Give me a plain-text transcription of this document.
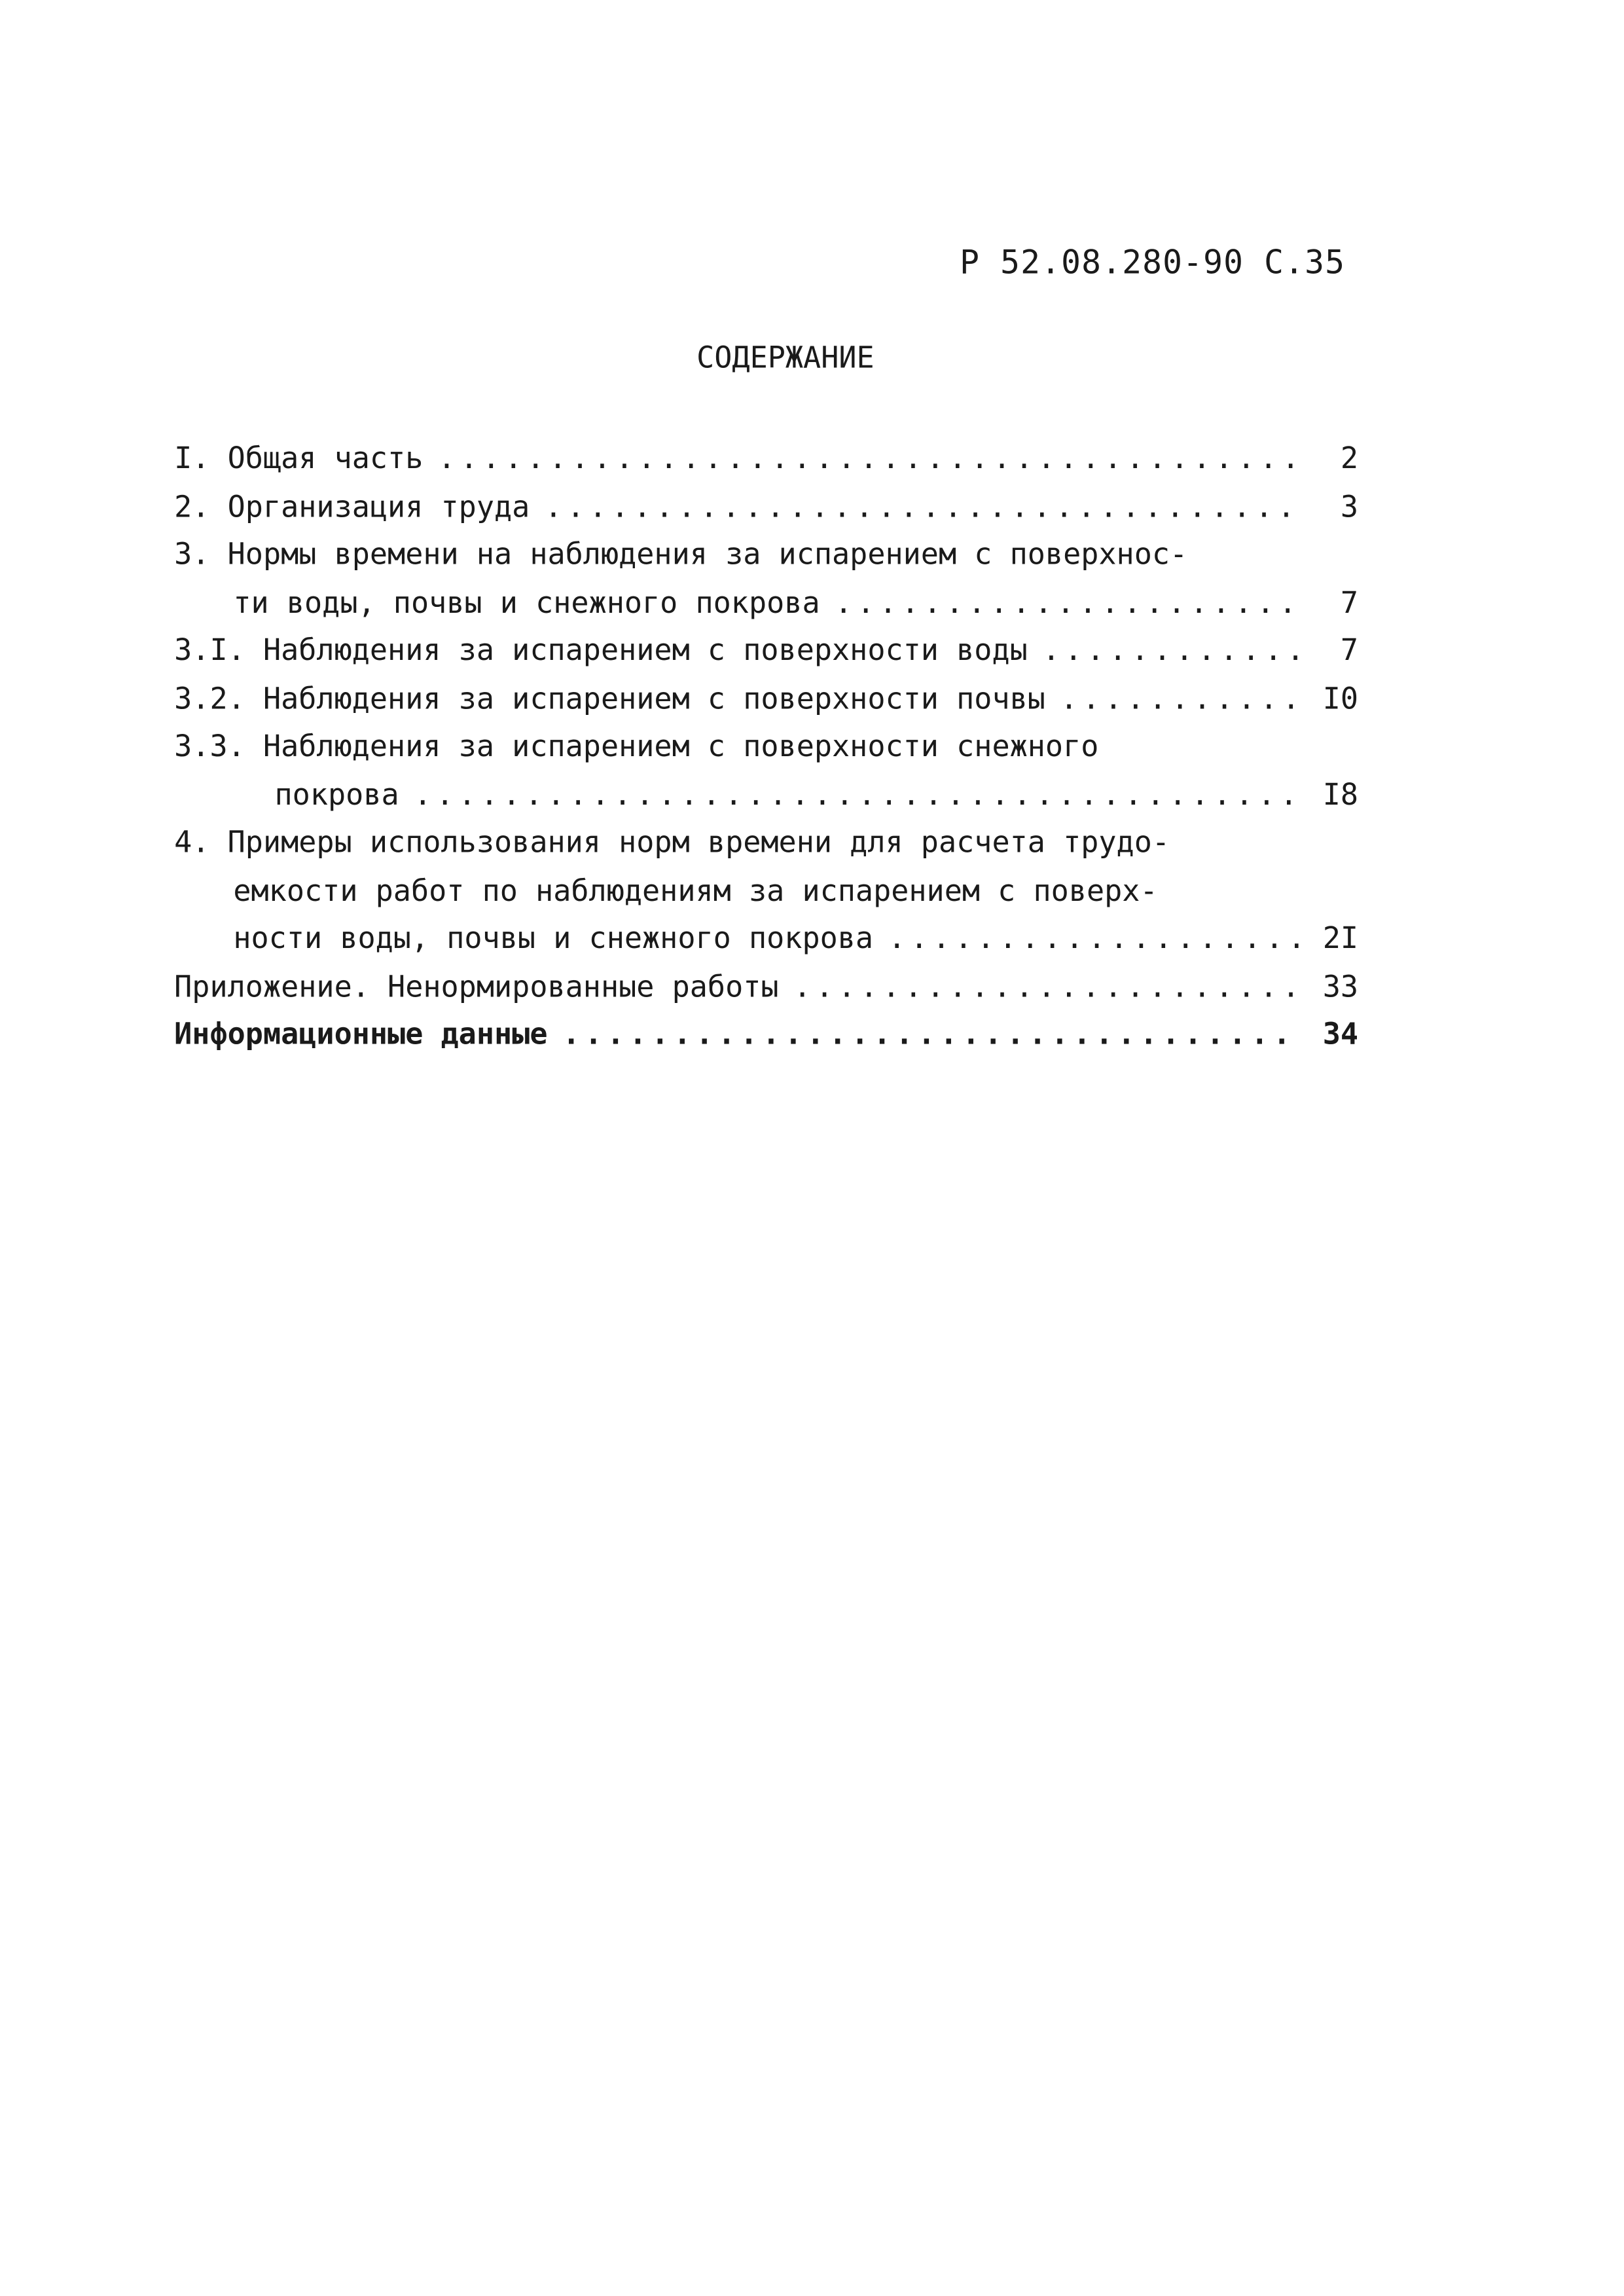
Р 52.08.280-90 С.35
СОДЕРЖАНИЕ
I. Общая часть .....	2
2. Организация труда .....	3
3. Нормы времени на наблюдения за испарением с поверхнос-
ти воды, почвы и снежного покрова .....	7
3.I. Наблюдения за испарением с поверхности воды .....	7
3.2. Наблюдения за испарением с поверхности почвы .....	I0
3.3. Наблюдения за испарением с поверхности снежного
покрова .....	I8
4. Примеры использования норм времени для расчета трудо-
емкости работ по наблюдениям за испарением с поверх-
ности воды, почвы и снежного покрова .....	2I
Приложение. Ненормированные работы .....	33
Информационные данные .....	34
